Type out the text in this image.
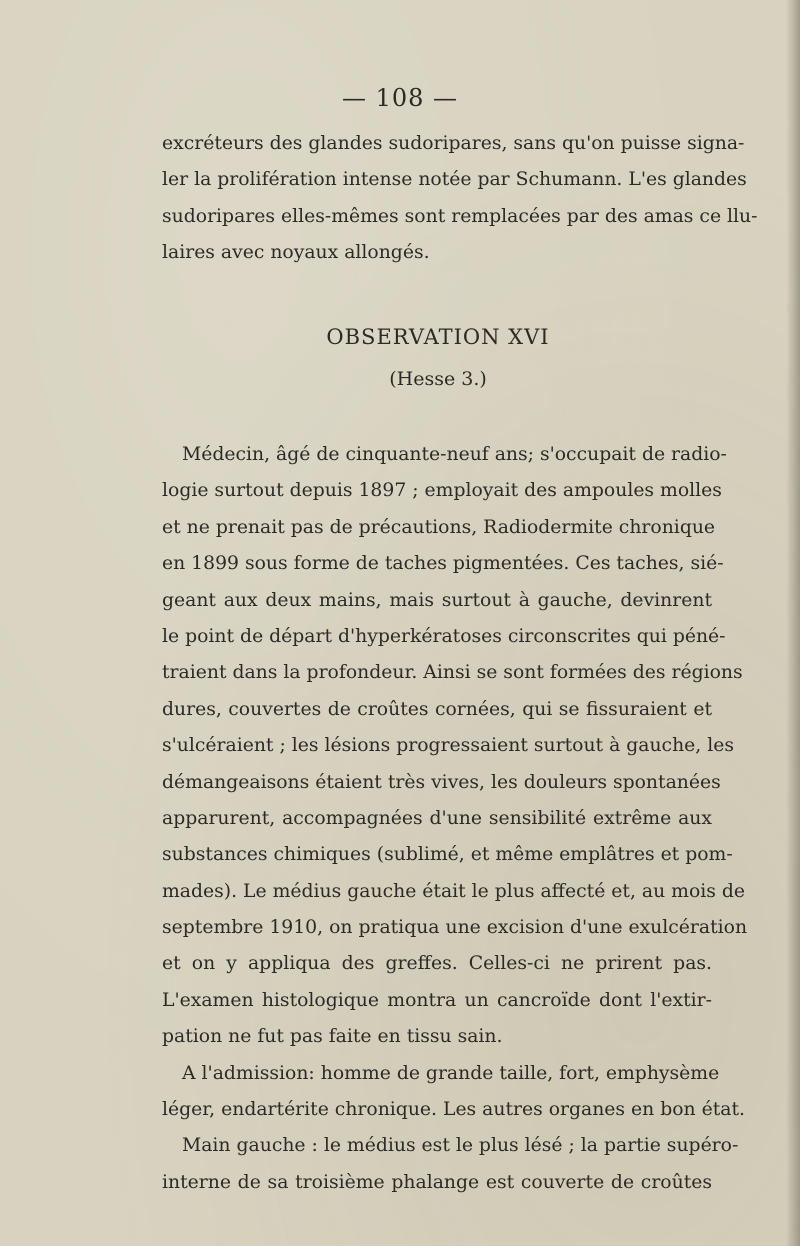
— 108 —
excréteurs des glandes sudoripares, sans qu'on puisse signa-
ler la prolifération intense notée par Schumann. L'es glandes
sudoripares elles-mêmes sont remplacées par des amas ce llu-
laires avec noyaux allongés.
OBSERVATION XVI
(Hesse 3.)
Médecin, âgé de cinquante-neuf ans; s'occupait de radio-
logie surtout depuis 1897 ; employait des ampoules molles
et ne prenait pas de précautions, Radiodermite chronique
en 1899 sous forme de taches pigmentées. Ces taches, sié-
geant aux deux mains, mais surtout à gauche, devinrent
le point de départ d'hyperkératoses circonscrites qui péné-
traient dans la profondeur. Ainsi se sont formées des régions
dures, couvertes de croûtes cornées, qui se fissuraient et
s'ulcéraient ; les lésions progressaient surtout à gauche, les
démangeaisons étaient très vives, les douleurs spontanées
apparurent, accompagnées d'une sensibilité extrême aux
substances chimiques (sublimé, et même emplâtres et pom-
mades). Le médius gauche était le plus affecté et, au mois de
septembre 1910, on pratiqua une excision d'une exulcération
et on y appliqua des greffes. Celles-ci ne prirent pas.
L'examen histologique montra un cancroïde dont l'extir-
pation ne fut pas faite en tissu sain.
A l'admission: homme de grande taille, fort, emphysème
léger, endartérite chronique. Les autres organes en bon état.
Main gauche : le médius est le plus lésé ; la partie supéro-
interne de sa troisième phalange est couverte de croûtes
